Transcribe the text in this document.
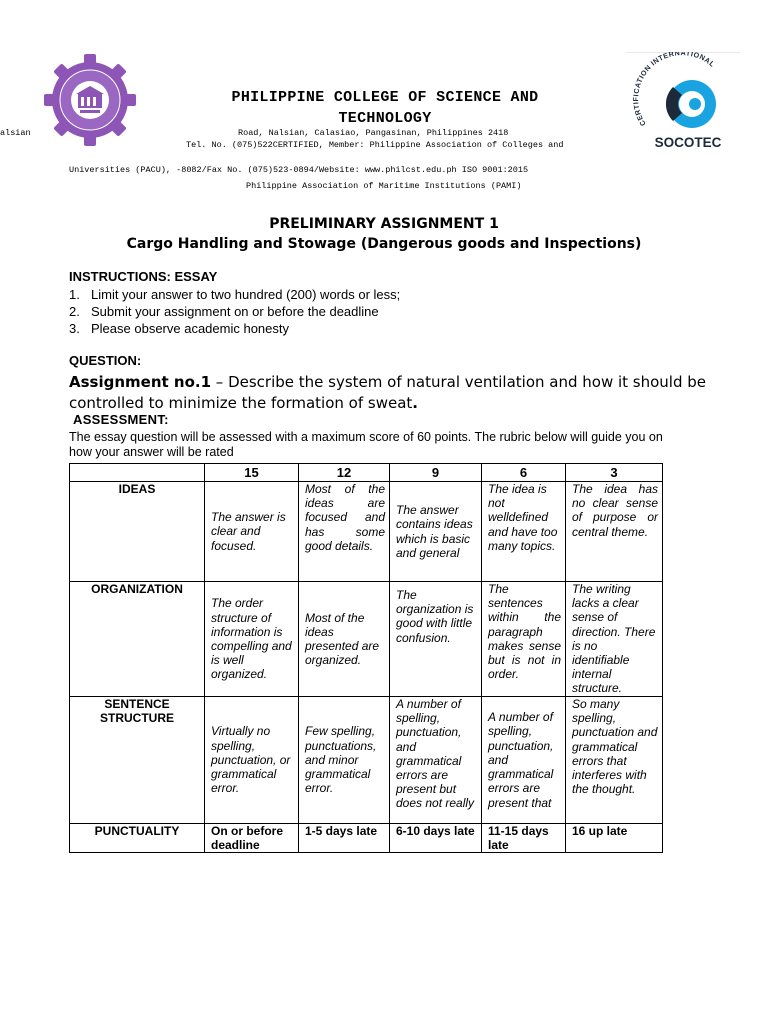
PHILIPPINE COLLEGE OF SCIENCE AND
TECHNOLOGY
alsian	Road, Nalsian, Calasiao, Pangasinan, Philippines 2418
Tel. No. (075)522CERTIFIED, Member: Philippine Association of Colleges and
Universities (PACU), -8082/Fax No. (075)523-0894/Website: www.philcst.edu.ph ISO 9001:2015
Philippine Association of Maritime Institutions (PAMI)
CERTIFICATION INTERNATIONAL
SOCOTEC
PRELIMINARY ASSIGNMENT 1
Cargo Handling and Stowage (Dangerous goods and Inspections)
INSTRUCTIONS: ESSAY
1. Limit your answer to two hundred (200) words or less;
2. Submit your assignment on or before the deadline
3. Please observe academic honesty
QUESTION:
Assignment no.1 – Describe the system of natural ventilation and how it should be controlled to minimize the formation of sweat.
ASSESSMENT:
The essay question will be assessed with a maximum score of 60 points. The rubric below will guide you on how your answer will be rated
	15	12	9	6	3
IDEAS	The answer is clear and focused.	Most of the ideas are focused and has some good details.	The answer contains ideas which is basic and general	The idea is not welldefined and have too many topics.	The idea has no clear sense of purpose or central theme.
ORGANIZATION	The order structure of information is compelling and is well organized.	Most of the ideas presented are organized.	The organization is good with little confusion.	The sentences within the paragraph makes sense but is not in order.	The writing lacks a clear sense of direction. There is no identifiable internal structure.
SENTENCE STRUCTURE	Virtually no spelling, punctuation, or grammatical error.	Few spelling, punctuations, and minor grammatical error.	A number of spelling, punctuation, and grammatical errors are present but does not really	A number of spelling, punctuation, and grammatical errors are present that	So many spelling, punctuation and grammatical errors that interferes with the thought.
PUNCTUALITY	On or before deadline	1-5 days late	6-10 days late	11-15 days late	16 up late
